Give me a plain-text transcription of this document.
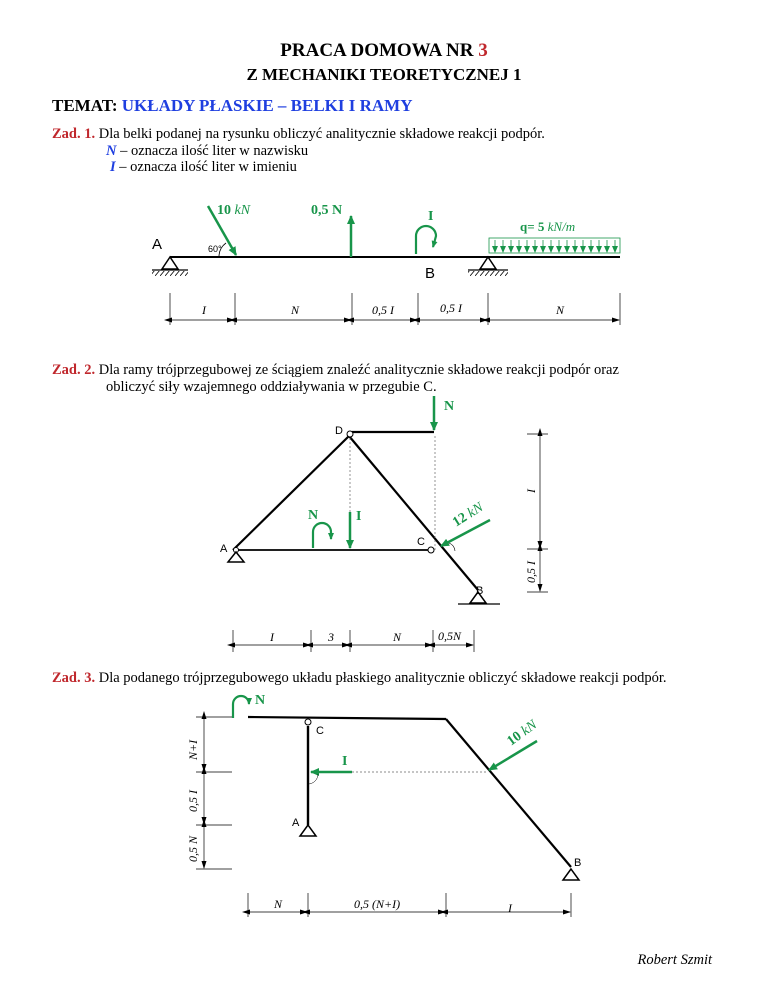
PRACA DOMOWA NR 3
Z MECHANIKI TEORETYCZNEJ 1
TEMAT: UKŁADY PŁASKIE – BELKI I RAMY
Zad. 1. Dla belki podanej na rysunku obliczyć analitycznie składowe reakcji podpór.
N – oznacza ilość liter w nazwisku
I – oznacza ilość liter w imieniu
Zad. 2. Dla ramy trójprzegubowej ze ściągiem znaleźć analitycznie składowe reakcji podpór oraz
obliczyć siły wzajemnego oddziaływania w przegubie C.
Zad. 3. Dla podanego trójprzegubowego układu płaskiego analitycznie obliczyć składowe reakcji podpór.
Robert Szmit
A
B
10 kN
60°
0,5 N	I
q= 5 kN/m
I	N	0,5 I	0,5 I	N
D
A
C
B
N
12 kN
N	I
I	3	N	0,5N
I
0,5 I
C
A
B
N
10 kN
I
N+I
0,5 I
0,5 N
N	0,5 (N+I)	I
